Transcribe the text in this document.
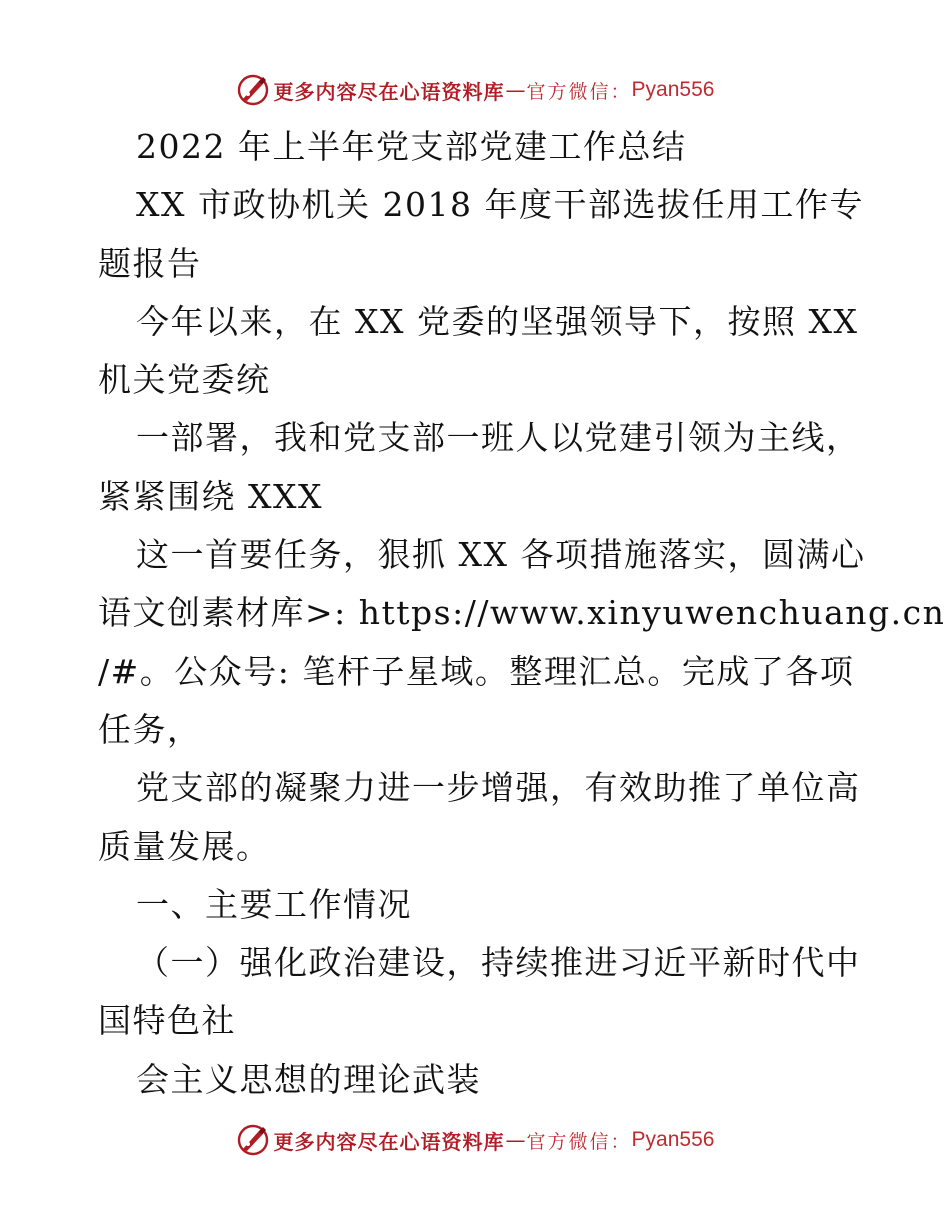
更多内容尽在心语资料库 — 官方微信： Pyan556
2022 年上半年党支部党建工作总结
XX 市政协机关 2018 年度干部选拔任用工作专
题报告
今年以来，在 XX 党委的坚强领导下，按照 XX
机关党委统
一部署，我和党支部一班人以党建引领为主线，
紧紧围绕 XXX
这一首要任务，狠抓 XX 各项措施落实，圆满心
语文创素材库>: https://www.xinyuwenchuang.cn
/#。公众号: 笔杆子星域。整理汇总。完成了各项
任务，
党支部的凝聚力进一步增强，有效助推了单位高
质量发展。
一、主要工作情况
（一）强化政治建设，持续推进习近平新时代中
国特色社
会主义思想的理论武装
更多内容尽在心语资料库 — 官方微信： Pyan556
